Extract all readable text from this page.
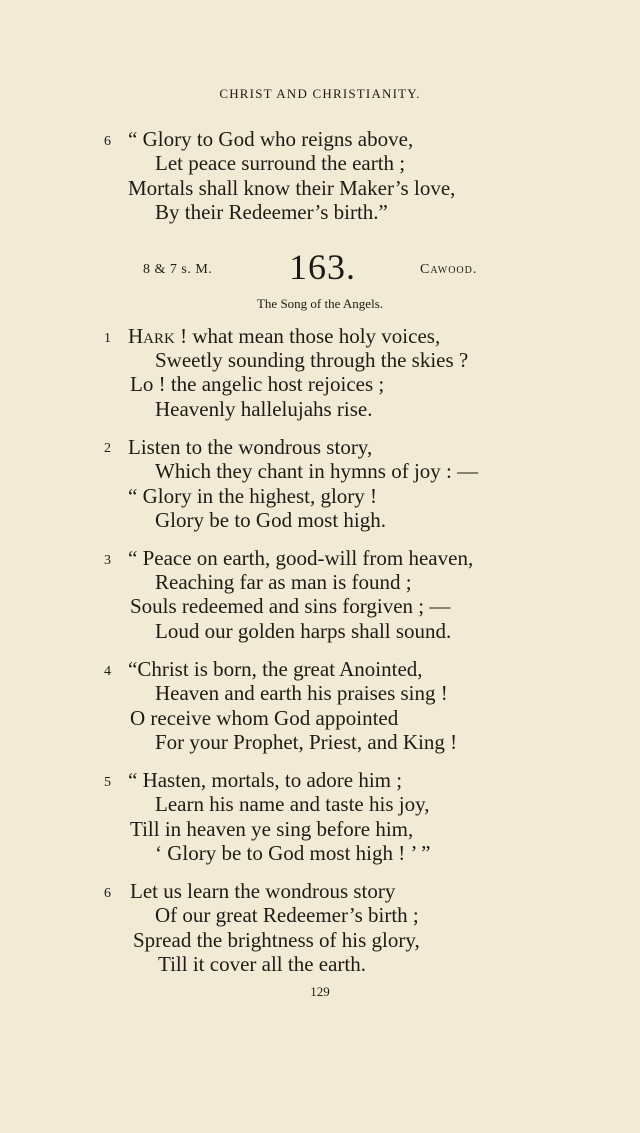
CHRIST AND CHRISTIANITY.
6 “ Glory to God who reigns above,
Let peace surround the earth ;
Mortals shall know their Maker’s love,
By their Redeemer’s birth.”
8 & 7 s. M. 163.	Cawood.
The Song of the Angels.
1 Hark ! what mean those holy voices,
Sweetly sounding through the skies ?
Lo ! the angelic host rejoices ;
Heavenly hallelujahs rise.
2 Listen to the wondrous story,
Which they chant in hymns of joy : —
“ Glory in the highest, glory !
Glory be to God most high.
3 “ Peace on earth, good-will from heaven,
Reaching far as man is found ;
Souls redeemed and sins forgiven ; —
Loud our golden harps shall sound.
4 “Christ is born, the great Anointed,
Heaven and earth his praises sing !
O receive whom God appointed
For your Prophet, Priest, and King !
5 “ Hasten, mortals, to adore him ;
Learn his name and taste his joy,
Till in heaven ye sing before him,
‘ Glory be to God most high ! ’ ”
6 Let us learn the wondrous story
Of our great Redeemer’s birth ;
Spread the brightness of his glory,
Till it cover all the earth.
129
